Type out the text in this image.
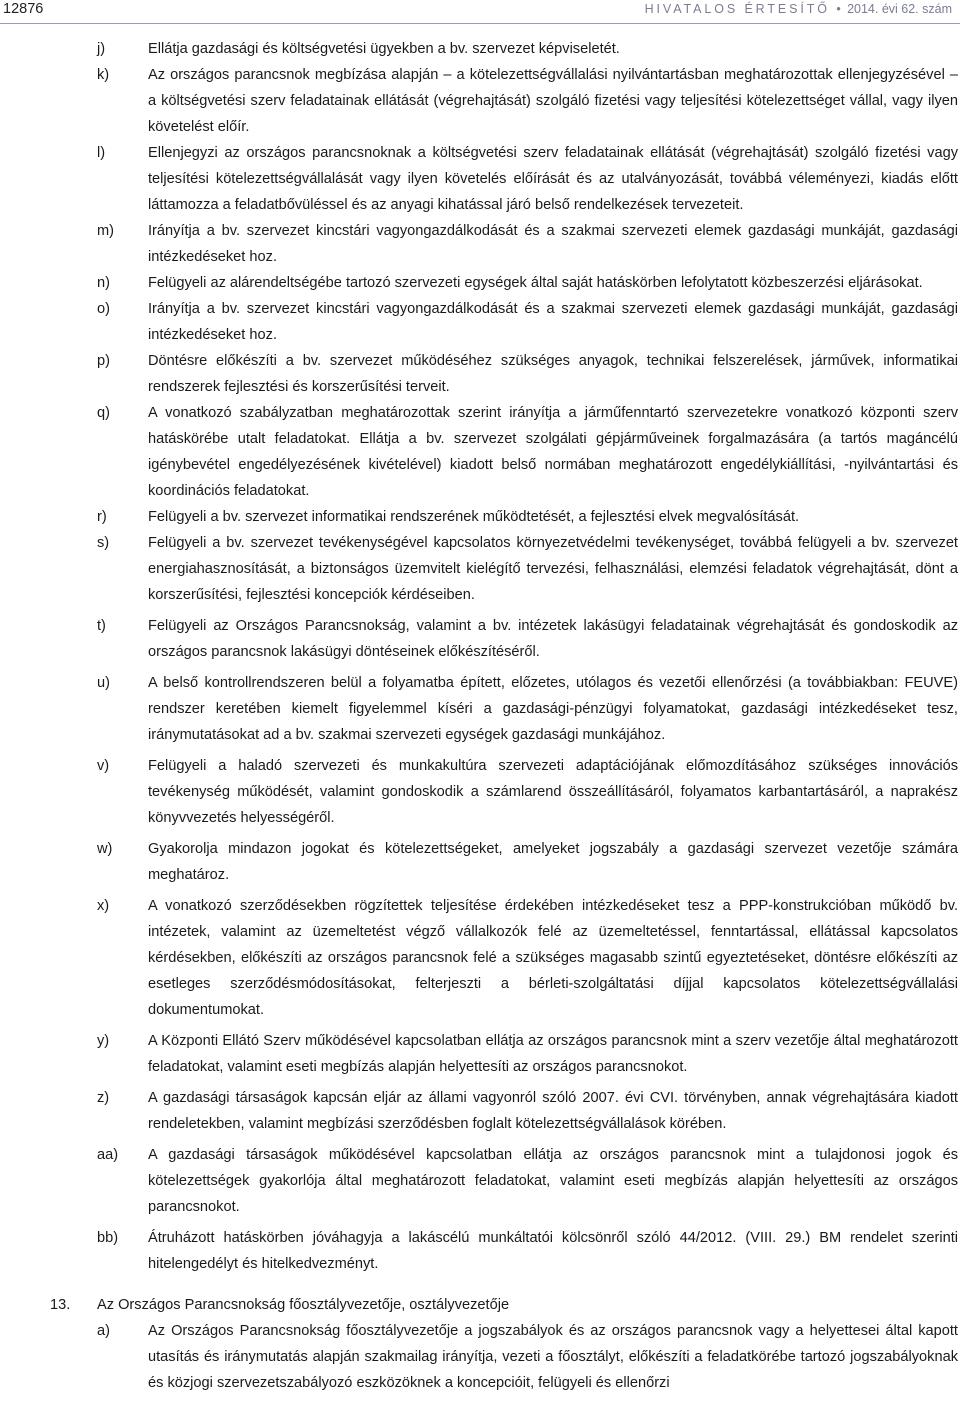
12876	HIVATALOS ÉRTESÍTŐ • 2014. évi 62. szám
j)	Ellátja gazdasági és költségvetési ügyekben a bv. szervezet képviseletét.
k)	Az országos parancsnok megbízása alapján – a kötelezettségvállalási nyilvántartásban meghatározottak ellenjegyzésével – a költségvetési szerv feladatainak ellátását (végrehajtását) szolgáló fizetési vagy teljesítési kötelezettséget vállal, vagy ilyen követelést előír.
l)	Ellenjegyzi az országos parancsnoknak a költségvetési szerv feladatainak ellátását (végrehajtását) szolgáló fizetési vagy teljesítési kötelezettségvállalását vagy ilyen követelés előírását és az utalványozását, továbbá véleményezi, kiadás előtt láttamozza a feladatbővüléssel és az anyagi kihatással járó belső rendelkezések tervezeteit.
m)	Irányítja a bv. szervezet kincstári vagyongazdálkodását és a szakmai szervezeti elemek gazdasági munkáját, gazdasági intézkedéseket hoz.
n)	Felügyeli az alárendeltségébe tartozó szervezeti egységek által saját hatáskörben lefolytatott közbeszerzési eljárásokat.
o)	Irányítja a bv. szervezet kincstári vagyongazdálkodását és a szakmai szervezeti elemek gazdasági munkáját, gazdasági intézkedéseket hoz.
p)	Döntésre előkészíti a bv. szervezet működéséhez szükséges anyagok, technikai felszerelések, járművek, informatikai rendszerek fejlesztési és korszerűsítési terveit.
q)	A vonatkozó szabályzatban meghatározottak szerint irányítja a járműfenntartó szervezetekre vonatkozó központi szerv hatáskörébe utalt feladatokat. Ellátja a bv. szervezet szolgálati gépjárműveinek forgalmazására (a tartós magáncélú igénybevétel engedélyezésének kivételével) kiadott belső normában meghatározott engedélykiállítási, -nyilvántartási és koordinációs feladatokat.
r)	Felügyeli a bv. szervezet informatikai rendszerének működtetését, a fejlesztési elvek megvalósítását.
s)	Felügyeli a bv. szervezet tevékenységével kapcsolatos környezetvédelmi tevékenységet, továbbá felügyeli a bv. szervezet energiahasznosítását, a biztonságos üzemvitelt kielégítő tervezési, felhasználási, elemzési feladatok végrehajtását, dönt a korszerűsítési, fejlesztési koncepciók kérdéseiben.
t)	Felügyeli az Országos Parancsnokság, valamint a bv. intézetek lakásügyi feladatainak végrehajtását és gondoskodik az országos parancsnok lakásügyi döntéseinek előkészítéséről.
u)	A belső kontrollrendszeren belül a folyamatba épített, előzetes, utólagos és vezetői ellenőrzési (a továbbiakban: FEUVE) rendszer keretében kiemelt figyelemmel kíséri a gazdasági-pénzügyi folyamatokat, gazdasági intézkedéseket tesz, iránymutatásokat ad a bv. szakmai szervezeti egységek gazdasági munkájához.
v)	Felügyeli a haladó szervezeti és munkakultúra szervezeti adaptációjának előmozdításához szükséges innovációs tevékenység működését, valamint gondoskodik a számlarend összeállításáról, folyamatos karbantartásáról, a naprakész könyvvezetés helyességéről.
w)	Gyakorolja mindazon jogokat és kötelezettségeket, amelyeket jogszabály a gazdasági szervezet vezetője számára meghatároz.
x)	A vonatkozó szerződésekben rögzítettek teljesítése érdekében intézkedéseket tesz a PPP-konstrukcióban működő bv. intézetek, valamint az üzemeltetést végző vállalkozók felé az üzemeltetéssel, fenntartással, ellátással kapcsolatos kérdésekben, előkészíti az országos parancsnok felé a szükséges magasabb szintű egyeztetéseket, döntésre előkészíti az esetleges szerződésmódosításokat, felterjeszti a bérleti-szolgáltatási díjjal kapcsolatos kötelezettségvállalási dokumentumokat.
y)	A Központi Ellátó Szerv működésével kapcsolatban ellátja az országos parancsnok mint a szerv vezetője által meghatározott feladatokat, valamint eseti megbízás alapján helyettesíti az országos parancsnokot.
z)	A gazdasági társaságok kapcsán eljár az állami vagyonról szóló 2007. évi CVI. törvényben, annak végrehajtására kiadott rendeletekben, valamint megbízási szerződésben foglalt kötelezettségvállalások körében.
aa)	A gazdasági társaságok működésével kapcsolatban ellátja az országos parancsnok mint a tulajdonosi jogok és kötelezettségek gyakorlója által meghatározott feladatokat, valamint eseti megbízás alapján helyettesíti az országos parancsnokot.
bb)	Átruházott hatáskörben jóváhagyja a lakáscélú munkáltatói kölcsönről szóló 44/2012. (VIII. 29.) BM rendelet szerinti hitelengedélyt és hitelkedvezményt.
13.	Az Országos Parancsnokság főosztályvezetője, osztályvezetője
a)	Az Országos Parancsnokság főosztályvezetője a jogszabályok és az országos parancsnok vagy a helyettesei által kapott utasítás és iránymutatás alapján szakmailag irányítja, vezeti a főosztályt, előkészíti a feladatkörébe tartozó jogszabályoknak és közjogi szervezetszabályozó eszközöknek a koncepcióit, felügyeli és ellenőrzi
